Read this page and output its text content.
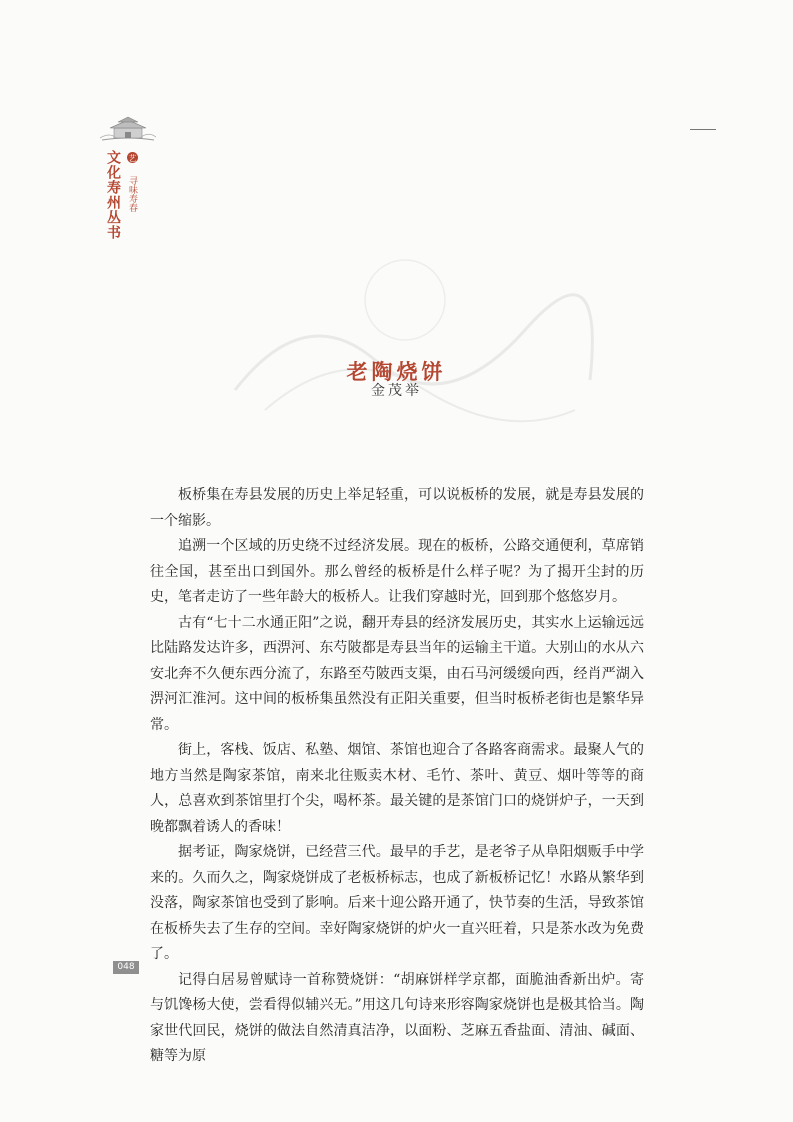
文化寿州丛书 艺 寻味寿春
老陶烧饼
金茂举

板桥集在寿县发展的历史上举足轻重，可以说板桥的发展，就是寿县发展的一个缩影。

追溯一个区域的历史绕不过经济发展。现在的板桥，公路交通便利，草席销往全国，甚至出口到国外。那么曾经的板桥是什么样子呢？为了揭开尘封的历史，笔者走访了一些年龄大的板桥人。让我们穿越时光，回到那个悠悠岁月。

古有“七十二水通正阳”之说，翻开寿县的经济发展历史，其实水上运输远远比陆路发达许多，西淠河、东芍陂都是寿县当年的运输主干道。大别山的水从六安北奔不久便东西分流了，东路至芍陂西支渠，由石马河缓缓向西，经肖严湖入淠河汇淮河。这中间的板桥集虽然没有正阳关重要，但当时板桥老街也是繁华异常。

街上，客栈、饭店、私塾、烟馆、茶馆也迎合了各路客商需求。最聚人气的地方当然是陶家茶馆，南来北往贩卖木材、毛竹、茶叶、黄豆、烟叶等等的商人，总喜欢到茶馆里打个尖，喝杯茶。最关键的是茶馆门口的烧饼炉子，一天到晚都飘着诱人的香味！

据考证，陶家烧饼，已经营三代。最早的手艺，是老爷子从阜阳烟贩手中学来的。久而久之，陶家烧饼成了老板桥标志，也成了新板桥记忆！水路从繁华到没落，陶家茶馆也受到了影响。后来十迎公路开通了，快节奏的生活，导致茶馆在板桥失去了生存的空间。幸好陶家烧饼的炉火一直兴旺着，只是茶水改为免费了。

记得白居易曾赋诗一首称赞烧饼：“胡麻饼样学京都，面脆油香新出炉。寄与饥馋杨大使，尝看得似辅兴无。”用这几句诗来形容陶家烧饼也是极其恰当。陶家世代回民，烧饼的做法自然清真洁净，以面粉、芝麻五香盐面、清油、碱面、糖等为原

048
